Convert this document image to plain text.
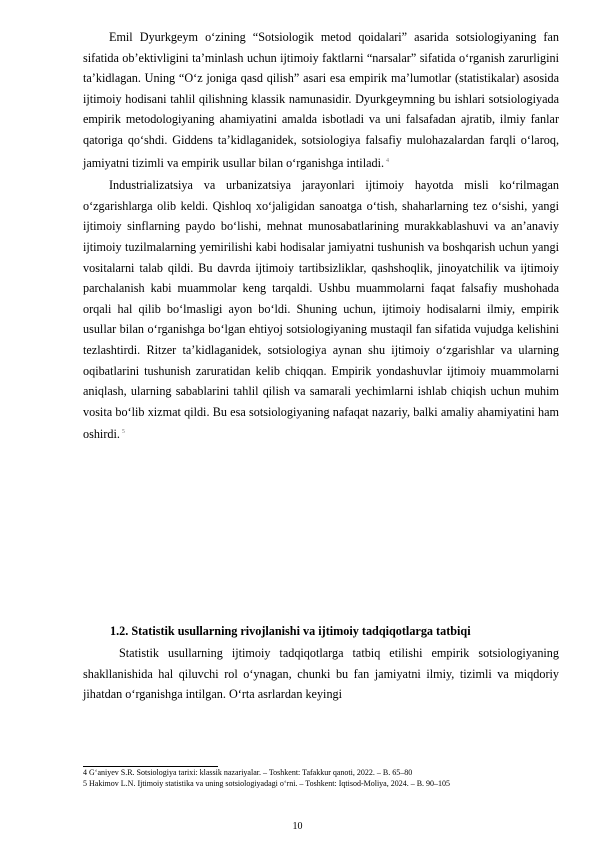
Emil Dyurkgeym o‘zining “Sotsiologik metod qoidalari” asarida sotsiologiyaning fan sifatida ob’ektivligini ta’minlash uchun ijtimoiy faktlarni “narsalar” sifatida o‘rganish zarurligini ta’kidlagan. Uning “O‘z joniga qasd qilish” asari esa empirik ma’lumotlar (statistikalar) asosida ijtimoiy hodisani tahlil qilishning klassik namunasidir. Dyurkgeymning bu ishlari sotsiologiyada empirik metodologiyaning ahamiyatini amalda isbotladi va uni falsafadan ajratib, ilmiy fanlar qatoriga qo‘shdi. Giddens ta’kidlaganidek, sotsiologiya falsafiy mulohazalardan farqli o‘laroq, jamiyatni tizimli va empirik usullar bilan o‘rganishga intiladi. $^4$

Industrializatsiya va urbanizatsiya jarayonlari ijtimoiy hayotda misli ko‘rilmagan o‘zgarishlarga olib keldi. Qishloq xo‘jaligidan sanoatga o‘tish, shaharlarning tez o‘sishi, yangi ijtimoiy sinflarning paydo bo‘lishi, mehnat munosabatlarining murakkablashuvi va an’anaviy ijtimoiy tuzilmalarning yemirilishi kabi hodisalar jamiyatni tushunish va boshqarish uchun yangi vositalarni talab qildi. Bu davrda ijtimoiy tartibsizliklar, qashshoqlik, jinoyatchilik va ijtimoiy parchalanish kabi muammolar keng tarqaldi. Ushbu muammolarni faqat falsafiy mushohada orqali hal qilib bo‘lmasligi ayon bo‘ldi. Shuning uchun, ijtimoiy hodisalarni ilmiy, empirik usullar bilan o‘rganishga bo‘lgan ehtiyoj sotsiologiyaning mustaqil fan sifatida vujudga kelishini tezlashtirdi. Ritzer ta’kidlaganidek, sotsiologiya aynan shu ijtimoiy o‘zgarishlar va ularning oqibatlarini tushunish zaruratidan kelib chiqqan. Empirik yondashuvlar ijtimoiy muammolarni aniqlash, ularning sabablarini tahlil qilish va samarali yechimlarni ishlab chiqish uchun muhim vosita bo‘lib xizmat qildi. Bu esa sotsiologiyaning nafaqat nazariy, balki amaliy ahamiyatini ham oshirdi. $^5$

1.2. Statistik usullarning rivojlanishi va ijtimoiy tadqiqotlarga tatbiqi

Statistik usullarning ijtimoiy tadqiqotlarga tatbiq etilishi empirik sotsiologiyaning shakllanishida hal qiluvchi rol o‘ynagan, chunki bu fan jamiyatni ilmiy, tizimli va miqdoriy jihatdan o‘rganishga intilgan. O‘rta asrlardan keyingi

4 G‘aniyev S.R. Sotsiologiya tarixi: klassik nazariyalar. – Toshkent: Tafakkur qanoti, 2022. – B. 65–80

5 Hakimov L.N. Ijtimoiy statistika va uning sotsiologiyadagi o‘rni. – Toshkent: Iqtisod-Moliya, 2024. – B. 90–105

10
